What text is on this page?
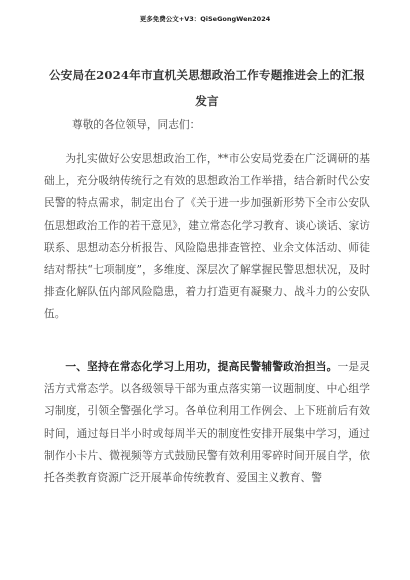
更多免费公文+V3：QiSeGongWen2024
公安局在2024年市直机关思想政治工作专题推进会上的汇报发言

尊敬的各位领导，同志们：

为扎实做好公安思想政治工作，**市公安局党委在广泛调研的基础上，充分吸纳传统行之有效的思想政治工作举措，结合新时代公安民警的特点需求，制定出台了《关于进一步加强新形势下全市公安队伍思想政治工作的若干意见》，建立常态化学习教育、谈心谈话、家访联系、思想动态分析报告、风险隐患排查管控、业余文体活动、师徒结对帮扶“七项制度”，多维度、深层次了解掌握民警思想状况，及时排查化解队伍内部风险隐患，着力打造更有凝聚力、战斗力的公安队伍。

一、坚持在常态化学习上用功，提高民警辅警政治担当。一是灵活方式常态学。以各级领导干部为重点落实第一议题制度、中心组学习制度，引领全警强化学习。各单位利用工作例会、上下班前后有效时间，通过每日半小时或每周半天的制度性安排开展集中学习，通过制作小卡片、微视频等方式鼓励民警有效利用零碎时间开展自学，依托各类教育资源广泛开展革命传统教育、爱国主义教育、警
